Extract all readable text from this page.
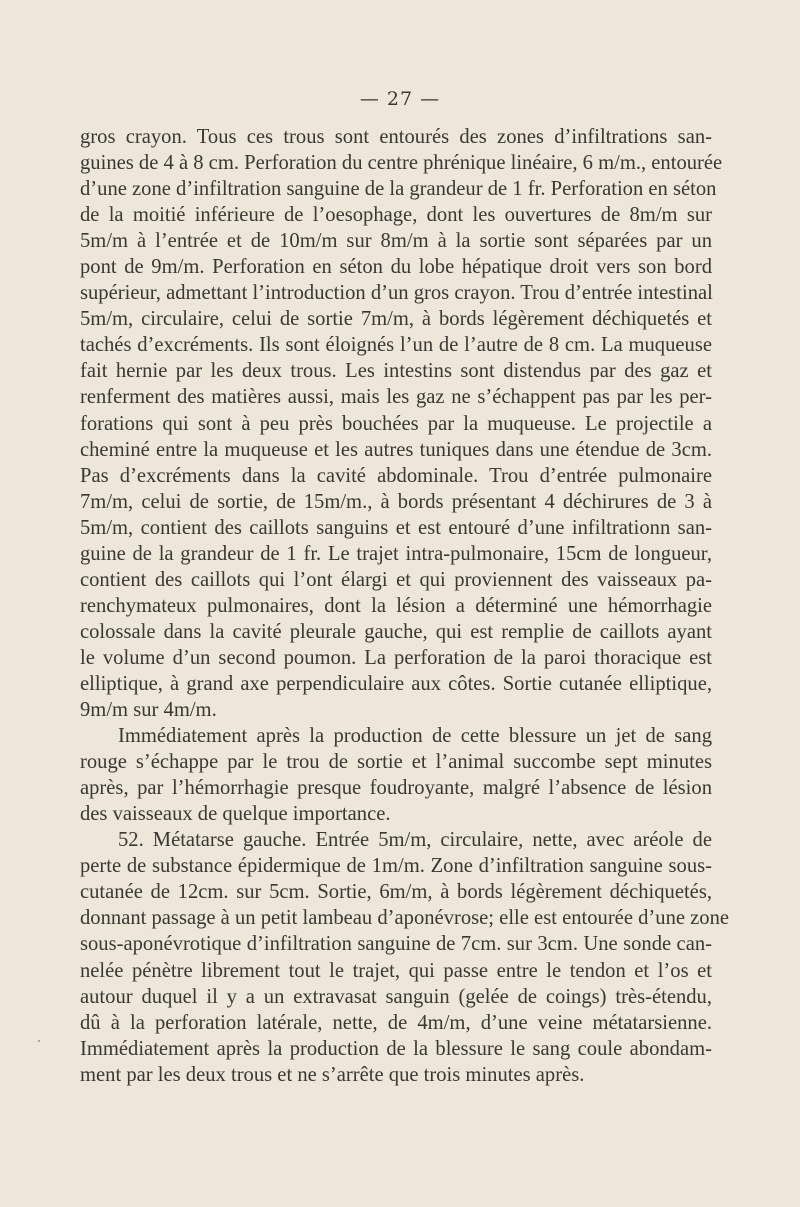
— 27 —
gros crayon. Tous ces trous sont entourés des zones d’infiltrations san-
guines de 4 à 8 cm. Perforation du centre phrénique linéaire, 6 m/m., entourée
d’une zone d’infiltration sanguine de la grandeur de 1 fr. Perforation en séton
de la moitié inférieure de l’oesophage, dont les ouvertures de 8m/m sur
5m/m à l’entrée et de 10m/m sur 8m/m à la sortie sont séparées par un
pont de 9m/m. Perforation en séton du lobe hépatique droit vers son bord
supérieur, admettant l’introduction d’un gros crayon. Trou d’entrée intestinal
5m/m, circulaire, celui de sortie 7m/m, à bords légèrement déchiquetés et
tachés d’excréments. Ils sont éloignés l’un de l’autre de 8 cm. La muqueuse
fait hernie par les deux trous. Les intestins sont distendus par des gaz et
renferment des matières aussi, mais les gaz ne s’échappent pas par les per-
forations qui sont à peu près bouchées par la muqueuse. Le projectile a
cheminé entre la muqueuse et les autres tuniques dans une étendue de 3cm.
Pas d’excréments dans la cavité abdominale. Trou d’entrée pulmonaire
7m/m, celui de sortie, de 15m/m., à bords présentant 4 déchirures de 3 à
5m/m, contient des caillots sanguins et est entouré d’une infiltrationn san-
guine de la grandeur de 1 fr. Le trajet intra-pulmonaire, 15cm de longueur,
contient des caillots qui l’ont élargi et qui proviennent des vaisseaux pa-
renchymateux pulmonaires, dont la lésion a déterminé une hémorrhagie
colossale dans la cavité pleurale gauche, qui est remplie de caillots ayant
le volume d’un second poumon. La perforation de la paroi thoracique est
elliptique, à grand axe perpendiculaire aux côtes. Sortie cutanée elliptique,
9m/m sur 4m/m.
Immédiatement après la production de cette blessure un jet de sang
rouge s’échappe par le trou de sortie et l’animal succombe sept minutes
après, par l’hémorrhagie presque foudroyante, malgré l’absence de lésion
des vaisseaux de quelque importance.
52. Métatarse gauche. Entrée 5m/m, circulaire, nette, avec aréole de
perte de substance épidermique de 1m/m. Zone d’infiltration sanguine sous-
cutanée de 12cm. sur 5cm. Sortie, 6m/m, à bords légèrement déchiquetés,
donnant passage à un petit lambeau d’aponévrose; elle est entourée d’une zone
sous-aponévrotique d’infiltration sanguine de 7cm. sur 3cm. Une sonde can-
nelée pénètre librement tout le trajet, qui passe entre le tendon et l’os et
autour duquel il y a un extravasat sanguin (gelée de coings) très-étendu,
dû à la perforation latérale, nette, de 4m/m, d’une veine métatarsienne.
Immédiatement après la production de la blessure le sang coule abondam-
ment par les deux trous et ne s’arrête que trois minutes après.
